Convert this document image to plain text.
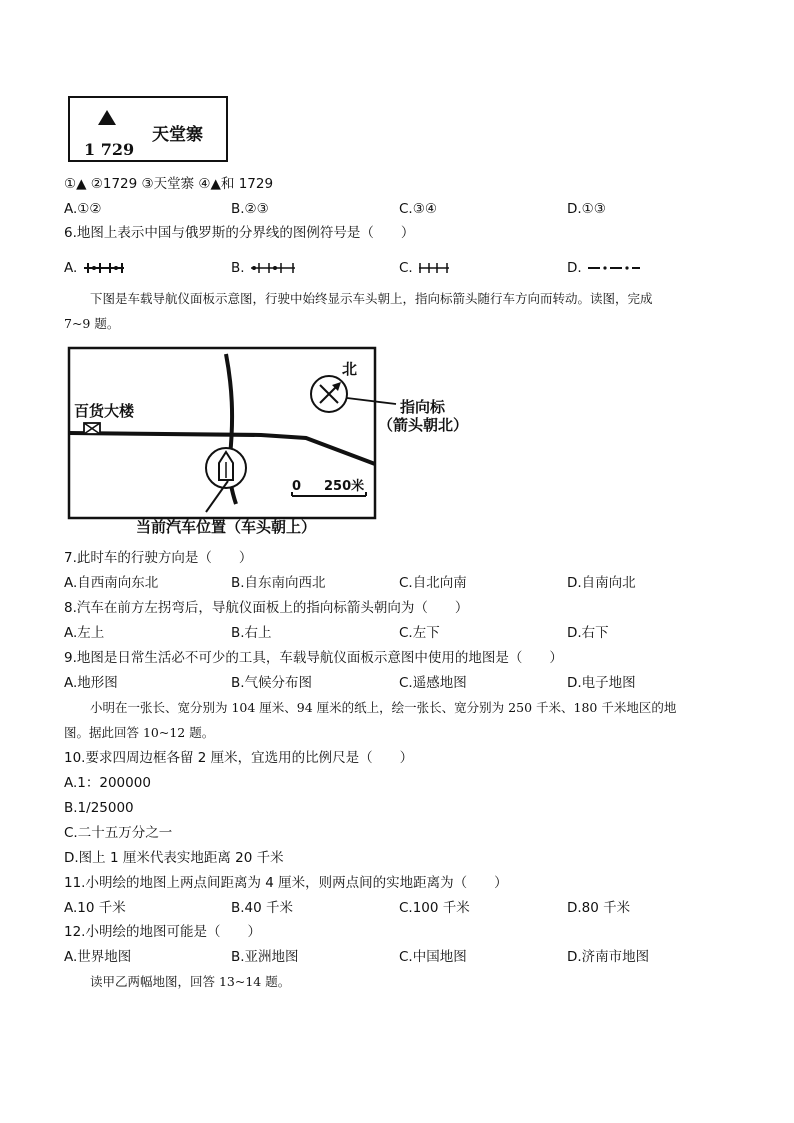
天堂寨
1 729
①▲ ②1729 ③天堂寨 ④▲和 1729
A.①②	B.②③	C.③④	D.①③
6.地图上表示中国与俄罗斯的分界线的图例符号是（　　）
A.	B.	C.	D.
下图是车载导航仪面板示意图，行驶中始终显示车头朝上，指向标箭头随行车方向而转动。读图，完成
7~9 题。
百货大楼
北
指向标
（箭头朝北）
0 250米
当前汽车位置（车头朝上）
7.此时车的行驶方向是（　　）
A.自西南向东北	B.自东南向西北	C.自北向南	D.自南向北
8.汽车在前方左拐弯后，导航仪面板上的指向标箭头朝向为（　　）
A.左上	B.右上	C.左下	D.右下
9.地图是日常生活必不可少的工具，车载导航仪面板示意图中使用的地图是（　　）
A.地形图	B.气候分布图	C.遥感地图	D.电子地图
小明在一张长、宽分别为 104 厘米、94 厘米的纸上，绘一张长、宽分别为 250 千米、180 千米地区的地
图。据此回答 10~12 题。
10.要求四周边框各留 2 厘米，宜选用的比例尺是（　　）
A.1：200000
B.1/25000
C.二十五万分之一
D.图上 1 厘米代表实地距离 20 千米
11.小明绘的地图上两点间距离为 4 厘米，则两点间的实地距离为（　　）
A.10 千米	B.40 千米	C.100 千米	D.80 千米
12.小明绘的地图可能是（　　）
A.世界地图	B.亚洲地图	C.中国地图	D.济南市地图
读甲乙两幅地图，回答 13~14 题。
